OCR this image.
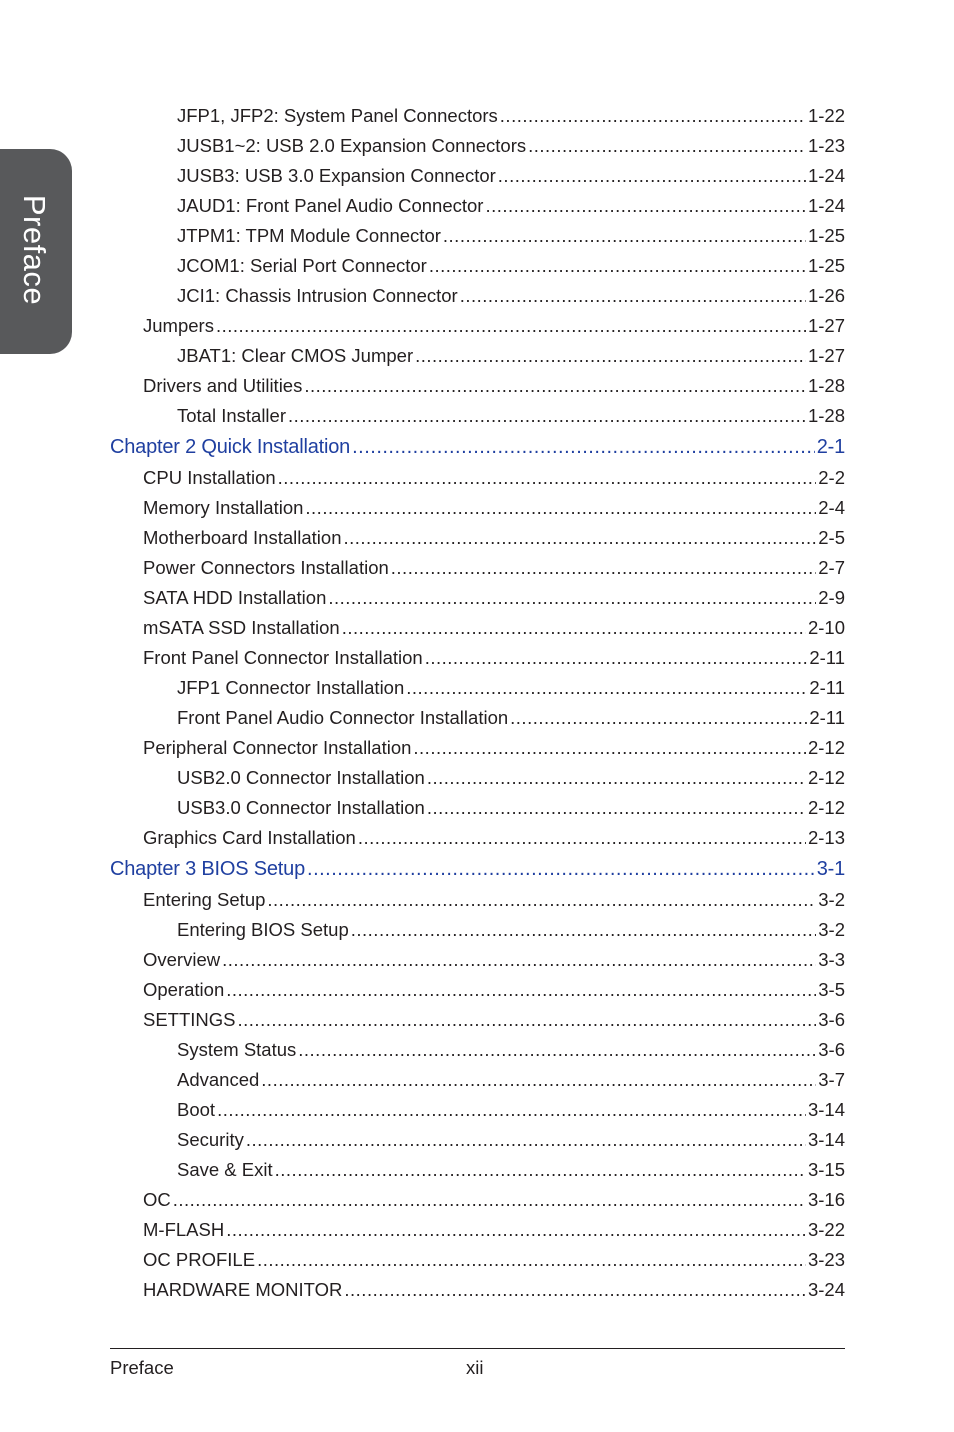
Preface
JFP1, JFP2: System Panel Connectors .....	1-22
JUSB1~2: USB 2.0 Expansion Connectors .....	1-23
JUSB3: USB 3.0 Expansion Connector .....	1-24
JAUD1: Front Panel Audio Connector .....	1-24
JTPM1: TPM Module Connector .....	1-25
JCOM1: Serial Port Connector .....	1-25
JCI1: Chassis Intrusion Connector .....	1-26
Jumpers .....	1-27
JBAT1: Clear CMOS Jumper .....	1-27
Drivers and Utilities .....	1-28
Total Installer .....	1-28
Chapter 2 Quick Installation .....	2-1
CPU Installation .....	2-2
Memory Installation .....	2-4
Motherboard Installation .....	2-5
Power Connectors Installation .....	2-7
SATA HDD Installation .....	2-9
mSATA SSD Installation .....	2-10
Front Panel Connector Installation .....	2-11
JFP1 Connector Installation .....	2-11
Front Panel Audio Connector Installation .....	2-11
Peripheral Connector Installation .....	2-12
USB2.0 Connector Installation .....	2-12
USB3.0 Connector Installation .....	2-12
Graphics Card Installation .....	2-13
Chapter 3 BIOS Setup .....	3-1
Entering Setup .....	3-2
Entering BIOS Setup .....	3-2
Overview .....	3-3
Operation .....	3-5
SETTINGS .....	3-6
System Status .....	3-6
Advanced .....	3-7
Boot .....	3-14
Security .....	3-14
Save & Exit .....	3-15
OC .....	3-16
M-FLASH .....	3-22
OC PROFILE .....	3-23
HARDWARE MONITOR .....	3-24
Preface	xii
